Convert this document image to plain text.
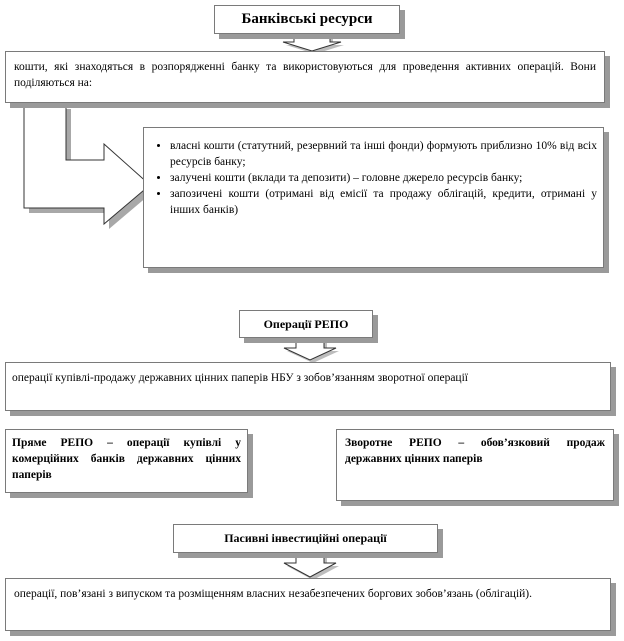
Банківські ресурси
кошти, які знаходяться в розпорядженні банку та використовуються для проведення активних операцій. Вони поділяються на:
• власні кошти (статутний, резервний та інші фонди) формують приблизно 10% від всіх ресурсів банку;
• залучені кошти (вклади та депозити) – головне джерело ресурсів банку;
• запозичені кошти (отримані від емісії та продажу облігацій, кредити, отримані у інших банків)
Операції РЕПО
операції купівлі-продажу державних цінних паперів НБУ з зобов’язанням зворотної операції
Пряме РЕПО – операції купівлі у комерційних банків державних цінних паперів
Зворотне РЕПО – обов’язковий продаж державних цінних паперів
Пасивні інвестиційні операції
операції, пов’язані з випуском та розміщенням власних незабезпечених боргових зобов’язань (облігацій).
